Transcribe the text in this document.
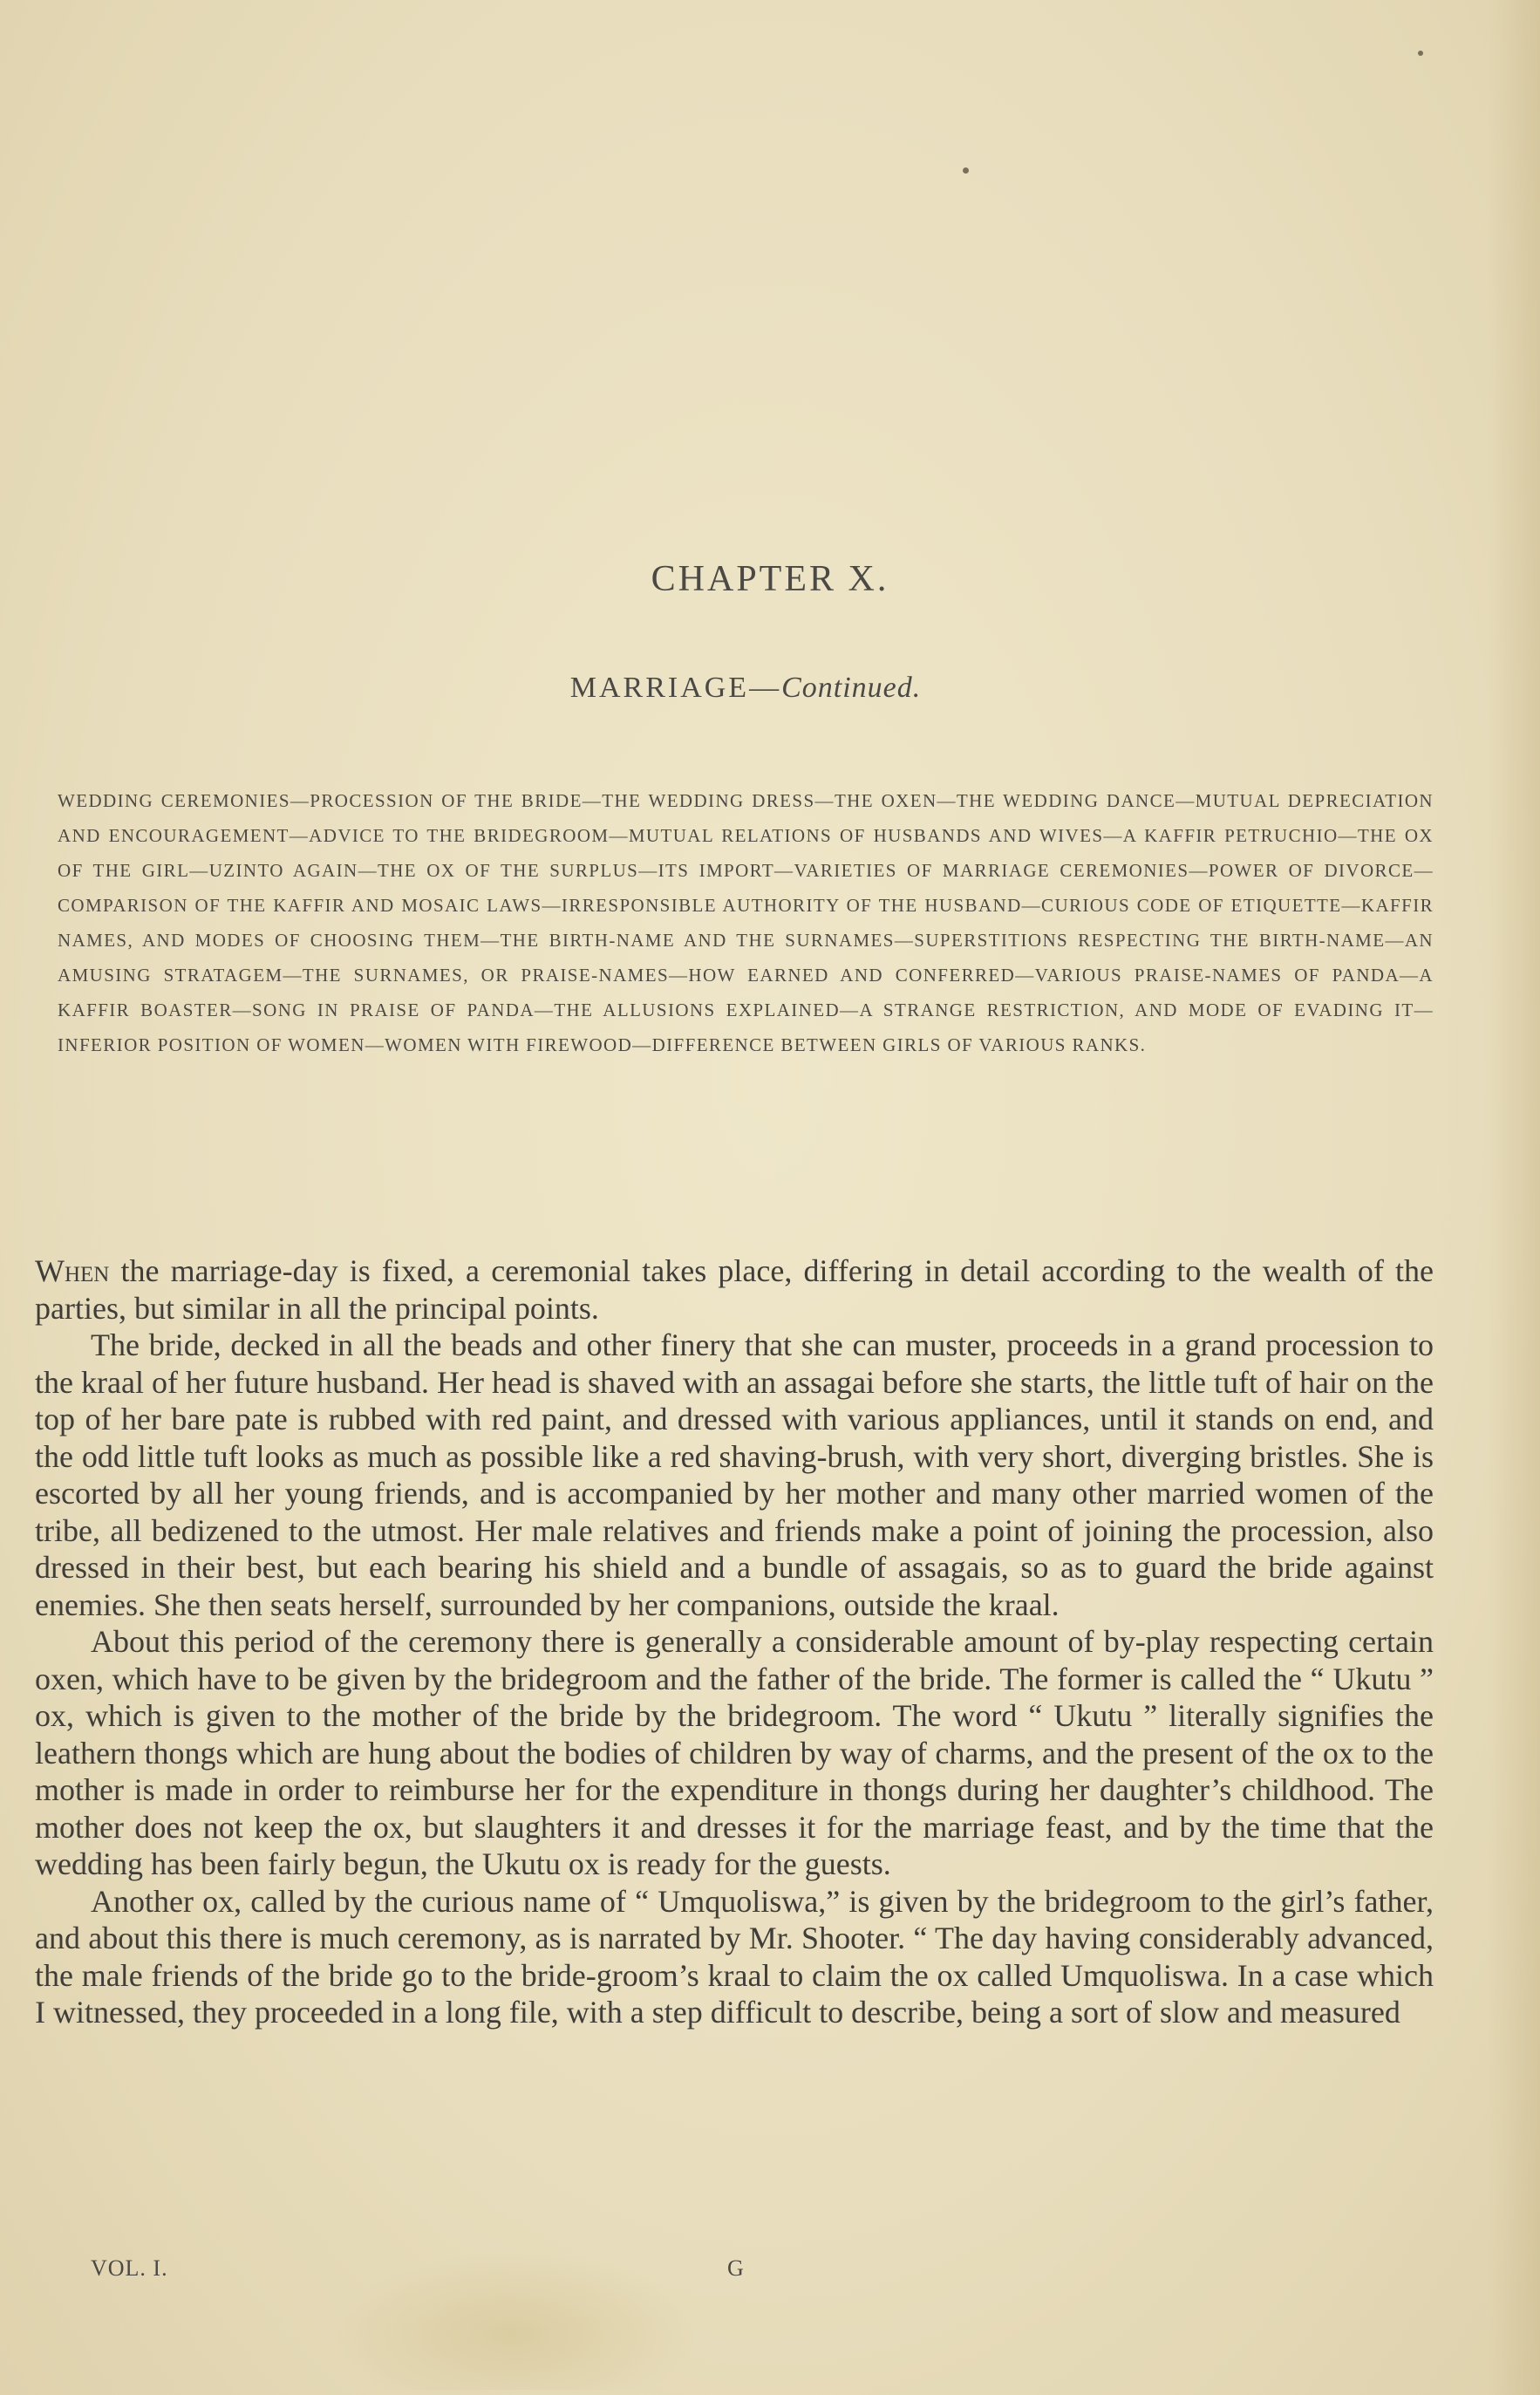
CHAPTER X.
MARRIAGE—Continued.
WEDDING CEREMONIES—PROCESSION OF THE BRIDE—THE WEDDING DRESS—THE OXEN—THE WEDDING DANCE—MUTUAL DEPRECIATION AND ENCOURAGEMENT—ADVICE TO THE BRIDEGROOM—MUTUAL RELATIONS OF HUSBANDS AND WIVES—A KAFFIR PETRUCHIO—THE OX OF THE GIRL—UZINTO AGAIN—THE OX OF THE SURPLUS—ITS IMPORT—VARIETIES OF MARRIAGE CEREMONIES—POWER OF DIVORCE—COMPARISON OF THE KAFFIR AND MOSAIC LAWS—IRRESPONSIBLE AUTHORITY OF THE HUSBAND—CURIOUS CODE OF ETIQUETTE—KAFFIR NAMES, AND MODES OF CHOOSING THEM—THE BIRTH-NAME AND THE SURNAMES—SUPERSTITIONS RESPECTING THE BIRTH-NAME—AN AMUSING STRATAGEM—THE SURNAMES, OR PRAISE-NAMES—HOW EARNED AND CONFERRED—VARIOUS PRAISE-NAMES OF PANDA—A KAFFIR BOASTER—SONG IN PRAISE OF PANDA—THE ALLUSIONS EXPLAINED—A STRANGE RESTRICTION, AND MODE OF EVADING IT—INFERIOR POSITION OF WOMEN—WOMEN WITH FIREWOOD—DIFFERENCE BETWEEN GIRLS OF VARIOUS RANKS.

When the marriage-day is fixed, a ceremonial takes place, differing in detail according to the wealth of the parties, but similar in all the principal points.

The bride, decked in all the beads and other finery that she can muster, proceeds in a grand procession to the kraal of her future husband. Her head is shaved with an assagai before she starts, the little tuft of hair on the top of her bare pate is rubbed with red paint, and dressed with various appliances, until it stands on end, and the odd little tuft looks as much as possible like a red shaving-brush, with very short, diverging bristles. She is escorted by all her young friends, and is accompanied by her mother and many other married women of the tribe, all bedizened to the utmost. Her male relatives and friends make a point of joining the procession, also dressed in their best, but each bearing his shield and a bundle of assagais, so as to guard the bride against enemies. She then seats herself, surrounded by her companions, outside the kraal.

About this period of the ceremony there is generally a considerable amount of by-play respecting certain oxen, which have to be given by the bridegroom and the father of the bride. The former is called the “ Ukutu ” ox, which is given to the mother of the bride by the bridegroom. The word “ Ukutu ” literally signifies the leathern thongs which are hung about the bodies of children by way of charms, and the present of the ox to the mother is made in order to reimburse her for the expenditure in thongs during her daughter’s childhood. The mother does not keep the ox, but slaughters it and dresses it for the marriage feast, and by the time that the wedding has been fairly begun, the Ukutu ox is ready for the guests.

Another ox, called by the curious name of “ Umquoliswa,” is given by the bridegroom to the girl’s father, and about this there is much ceremony, as is narrated by Mr. Shooter. “ The day having considerably advanced, the male friends of the bride go to the bride-groom’s kraal to claim the ox called Umquoliswa. In a case which I witnessed, they proceeded in a long file, with a step difficult to describe, being a sort of slow and measured

VOL. I.	G
